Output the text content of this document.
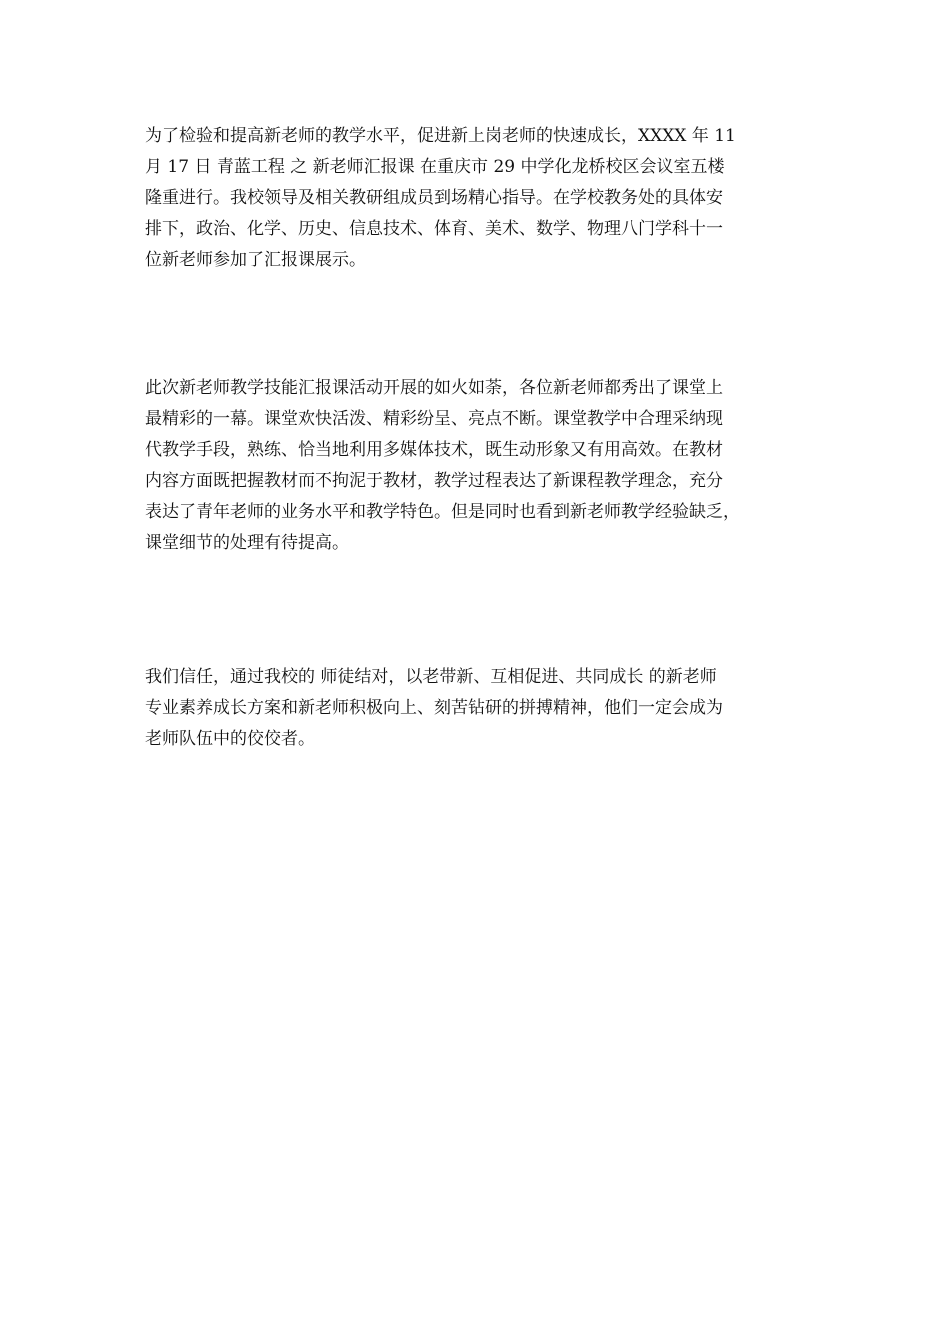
为了检验和提高新老师的教学水平，促进新上岗老师的快速成长，XXXX 年 11
月 17 日 青蓝工程 之 新老师汇报课 在重庆市 29 中学化龙桥校区会议室五楼
隆重进行。我校领导及相关教研组成员到场精心指导。在学校教务处的具体安
排下，政治、化学、历史、信息技术、体育、美术、数学、物理八门学科十一
位新老师参加了汇报课展示。

此次新老师教学技能汇报课活动开展的如火如荼，各位新老师都秀出了课堂上
最精彩的一幕。课堂欢快活泼、精彩纷呈、亮点不断。课堂教学中合理采纳现
代教学手段，熟练、恰当地利用多媒体技术，既生动形象又有用高效。在教材
内容方面既把握教材而不拘泥于教材，教学过程表达了新课程教学理念，充分
表达了青年老师的业务水平和教学特色。但是同时也看到新老师教学经验缺乏，
课堂细节的处理有待提高。

我们信任，通过我校的 师徒结对，以老带新、互相促进、共同成长 的新老师
专业素养成长方案和新老师积极向上、刻苦钻研的拼搏精神，他们一定会成为
老师队伍中的佼佼者。
